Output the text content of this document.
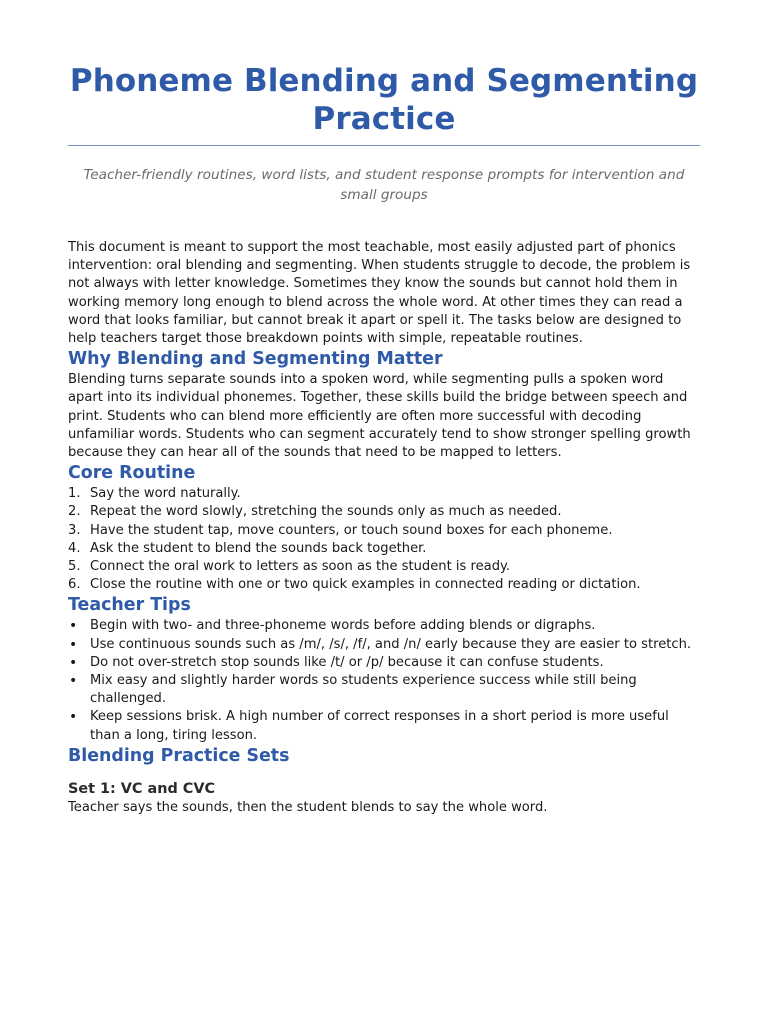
Phoneme Blending and Segmenting Practice
Teacher-friendly routines, word lists, and student response prompts for intervention and small groups

This document is meant to support the most teachable, most easily adjusted part of phonics intervention: oral blending and segmenting. When students struggle to decode, the problem is not always with letter knowledge. Sometimes they know the sounds but cannot hold them in working memory long enough to blend across the whole word. At other times they can read a word that looks familiar, but cannot break it apart or spell it. The tasks below are designed to help teachers target those breakdown points with simple, repeatable routines.

Why Blending and Segmenting Matter

Blending turns separate sounds into a spoken word, while segmenting pulls a spoken word apart into its individual phonemes. Together, these skills build the bridge between speech and print. Students who can blend more efficiently are often more successful with decoding unfamiliar words. Students who can segment accurately tend to show stronger spelling growth because they can hear all of the sounds that need to be mapped to letters.

Core Routine
1. Say the word naturally.
2. Repeat the word slowly, stretching the sounds only as much as needed.
3. Have the student tap, move counters, or touch sound boxes for each phoneme.
4. Ask the student to blend the sounds back together.
5. Connect the oral work to letters as soon as the student is ready.
6. Close the routine with one or two quick examples in connected reading or dictation.
Teacher Tips
• Begin with two- and three-phoneme words before adding blends or digraphs.
• Use continuous sounds such as /m/, /s/, /f/, and /n/ early because they are easier to stretch.
• Do not over-stretch stop sounds like /t/ or /p/ because it can confuse students.
• Mix easy and slightly harder words so students experience success while still being challenged.
• Keep sessions brisk. A high number of correct responses in a short period is more useful than a long, tiring lesson.
Blending Practice Sets
Set 1: VC and CVC

Teacher says the sounds, then the student blends to say the whole word.
